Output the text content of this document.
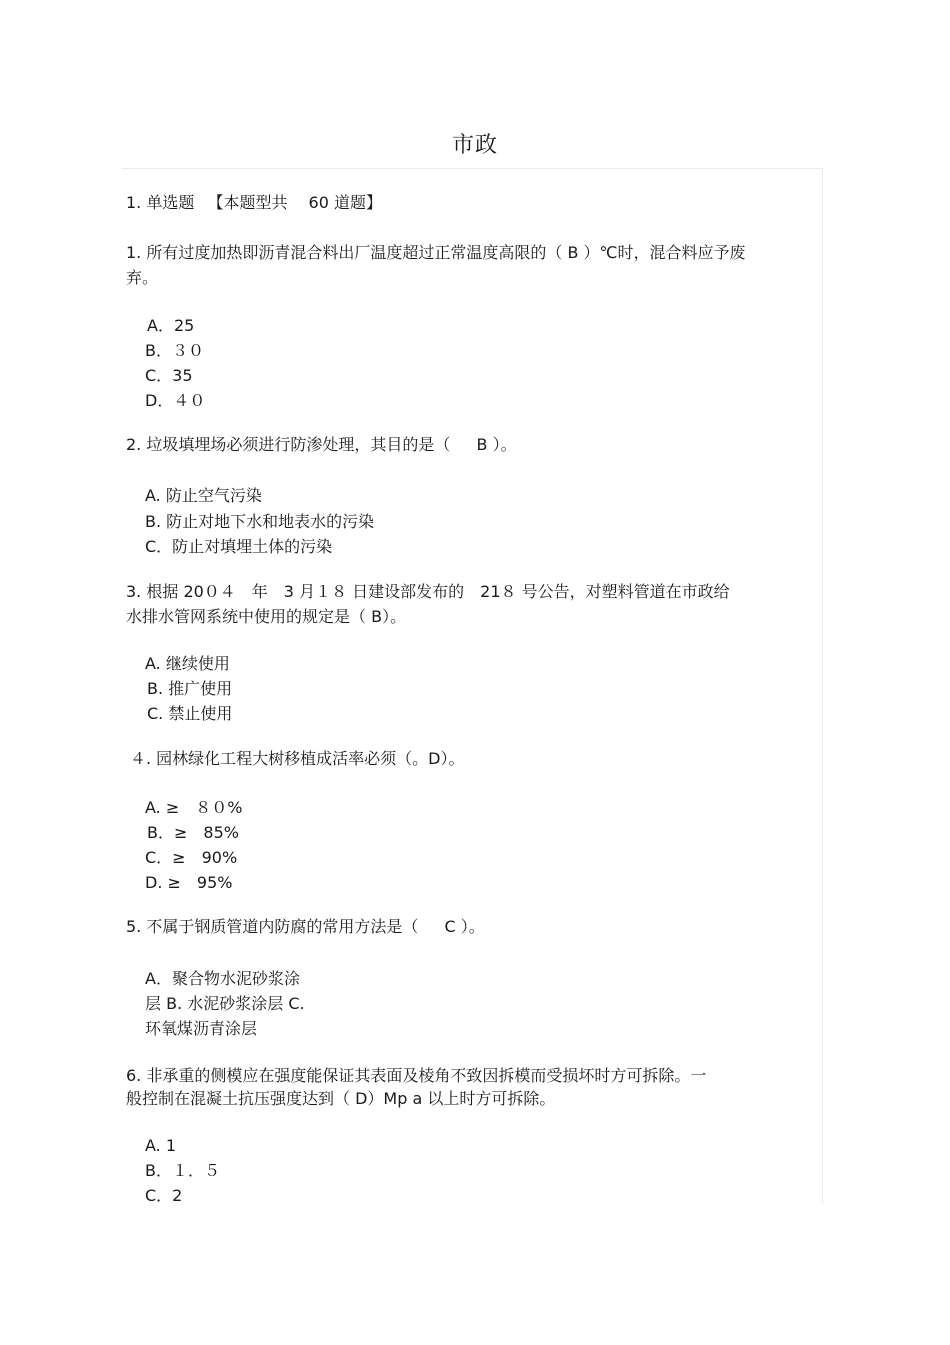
市政
1. 单选题 　【本题型共　 60 道题】
1. 所有过度加热即沥青混合料出厂温度超过正常温度高限的（ B ）℃时，混合料应予废
弃。
A．25
B．３０
C．35
D．４０
2. 垃圾填埋场必须进行防渗处理，其目的是（　  B ）。
A. 防止空气污染
B. 防止对地下水和地表水的污染
C．防止对填埋土体的污染
3. 根据 20０４　年　3 月１８ 日建设部发布的　21８ 号公告，对塑料管道在市政给
水排水管网系统中使用的规定是（ B）。
A. 继续使用
B. 推广使用
C. 禁止使用
４. 园林绿化工程大树移植成活率必须（。D）。
A. ≥　８０%
B．≥　85%
C．≥　90%
D. ≥　95%
5. 不属于钢质管道内防腐的常用方法是（　  C ）。
A．聚合物水泥砂浆涂
层 B. 水泥砂浆涂层 C.
环氧煤沥青涂层
6. 非承重的侧模应在强度能保证其表面及棱角不致因拆模而受损坏时方可拆除。一
般控制在混凝土抗压强度达到（ D）Mp a 以上时方可拆除。
A. 1
B．１．５
C．2
